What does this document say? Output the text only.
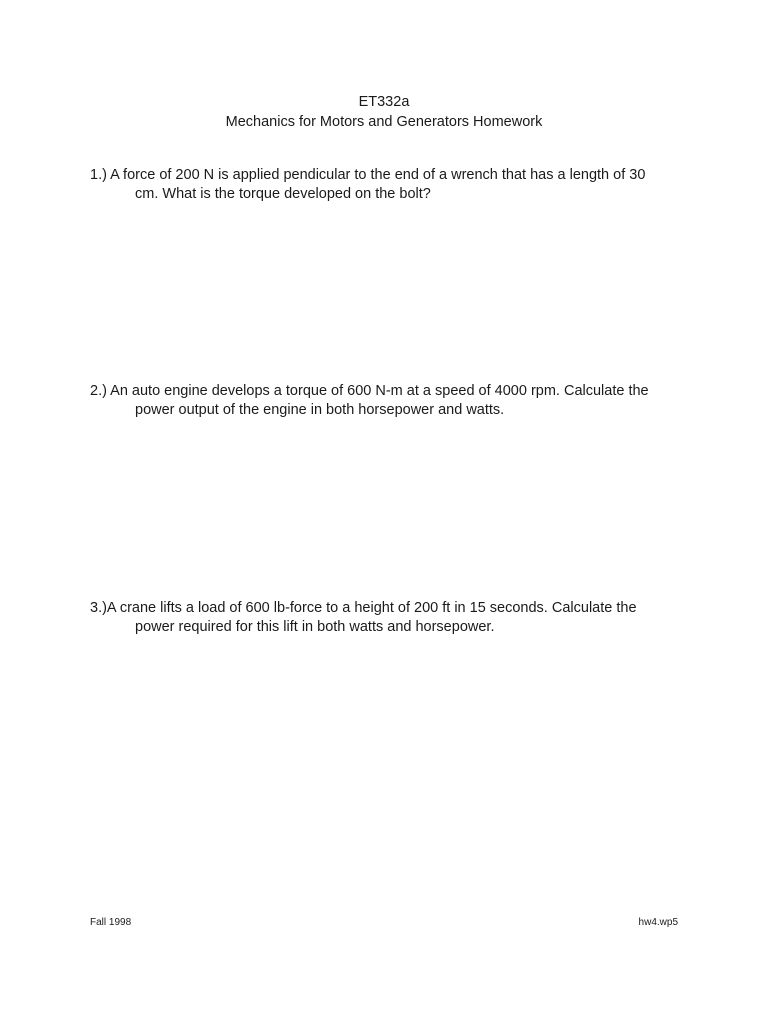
ET332a
Mechanics for Motors and Generators Homework
1.) A force of 200 N is applied pendicular to the end of a wrench that has a length of 30
cm. What is the torque developed on the bolt?
2.) An auto engine develops a torque of 600 N-m at a speed of 4000 rpm. Calculate the
power output of the engine in both horsepower and watts.
3.)A crane lifts a load of 600 lb-force to a height of 200 ft in 15 seconds. Calculate the
power required for this lift in both watts and horsepower.
Fall 1998	hw4.wp5
